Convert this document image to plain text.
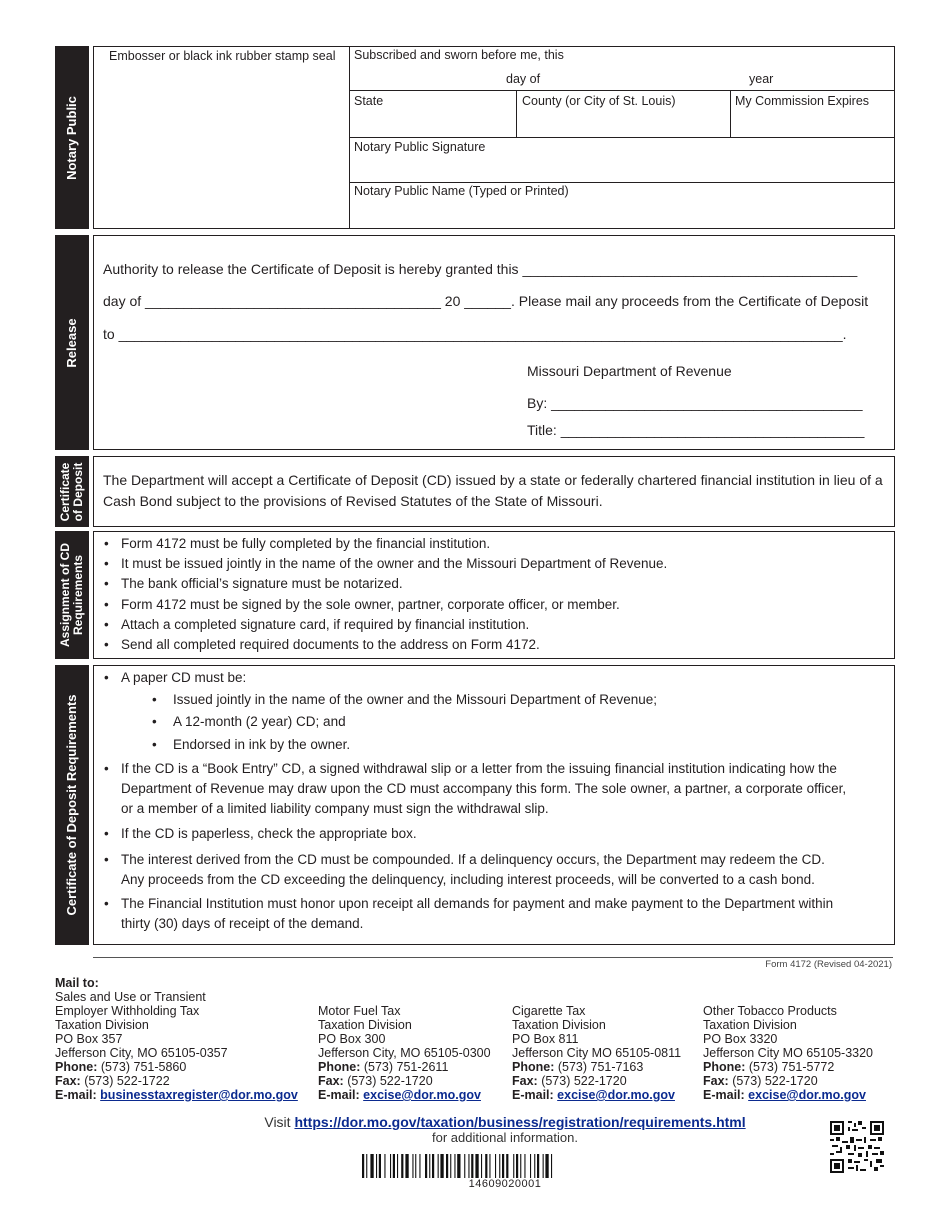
Notary Public
Embosser or black ink rubber stamp seal Subscribed and sworn before me, this
day of	year
State	County (or City of St. Louis)	My Commission Expires
Notary Public Signature
Notary Public Name (Typed or Printed)
Release
Authority to release the Certificate of Deposit is hereby granted this ___________________________________________
day of ______________________________________ 20 ______. Please mail any proceeds from the Certificate of Deposit
to _____________________________________________________________________________________________.
Missouri Department of Revenue
By: ________________________________________
Title: _______________________________________
Certificate
of Deposit The Department will accept a Certificate of Deposit (CD) issued by a state or federally chartered financial institution in lieu of a Cash Bond subject to the provisions of Revised Statutes of the State of Missouri.
Assignment of CD
Requirements
• Form 4172 must be fully completed by the financial institution.
• It must be issued jointly in the name of the owner and the Missouri Department of Revenue.
• The bank official’s signature must be notarized.
• Form 4172 must be signed by the sole owner, partner, corporate officer, or member.
• Attach a completed signature card, if required by financial institution.
• Send all completed required documents to the address on Form 4172.
Certificate of Deposit Requirements
• A paper CD must be:
• Issued jointly in the name of the owner and the Missouri Department of Revenue;
• A 12-month (2 year) CD; and
• Endorsed in ink by the owner.
• If the CD is a “Book Entry” CD, a signed withdrawal slip or a letter from the issuing financial institution indicating how the
Department of Revenue may draw upon the CD must accompany this form. The sole owner, a partner, a corporate officer,
or a member of a limited liability company must sign the withdrawal slip.
• If the CD is paperless, check the appropriate box.
• The interest derived from the CD must be compounded. If a delinquency occurs, the Department may redeem the CD.
Any proceeds from the CD exceeding the delinquency, including interest proceeds, will be converted to a cash bond.
• The Financial Institution must honor upon receipt all demands for payment and make payment to the Department within
thirty (30) days of receipt of the demand.
Form 4172 (Revised 04-2021)
Mail to:
Sales and Use or Transient
Employer Withholding Tax
Taxation Division
PO Box 357
Jefferson City, MO 65105-0357
Phone: (573) 751-5860
Fax: (573) 522-1722
E-mail: businesstaxregister@dor.mo.gov
Motor Fuel Tax
Taxation Division
PO Box 300
Jefferson City, MO 65105-0300
Phone: (573) 751-2611
Fax: (573) 522-1720
E-mail: excise@dor.mo.gov
Cigarette Tax
Taxation Division
PO Box 811
Jefferson City MO 65105-0811
Phone: (573) 751-7163
Fax: (573) 522-1720
E-mail: excise@dor.mo.gov
Other Tobacco Products
Taxation Division
PO Box 3320
Jefferson City MO 65105-3320
Phone: (573) 751-5772
Fax: (573) 522-1720
E-mail: excise@dor.mo.gov
Visit https://dor.mo.gov/taxation/business/registration/requirements.html
for additional information.
14609020001
